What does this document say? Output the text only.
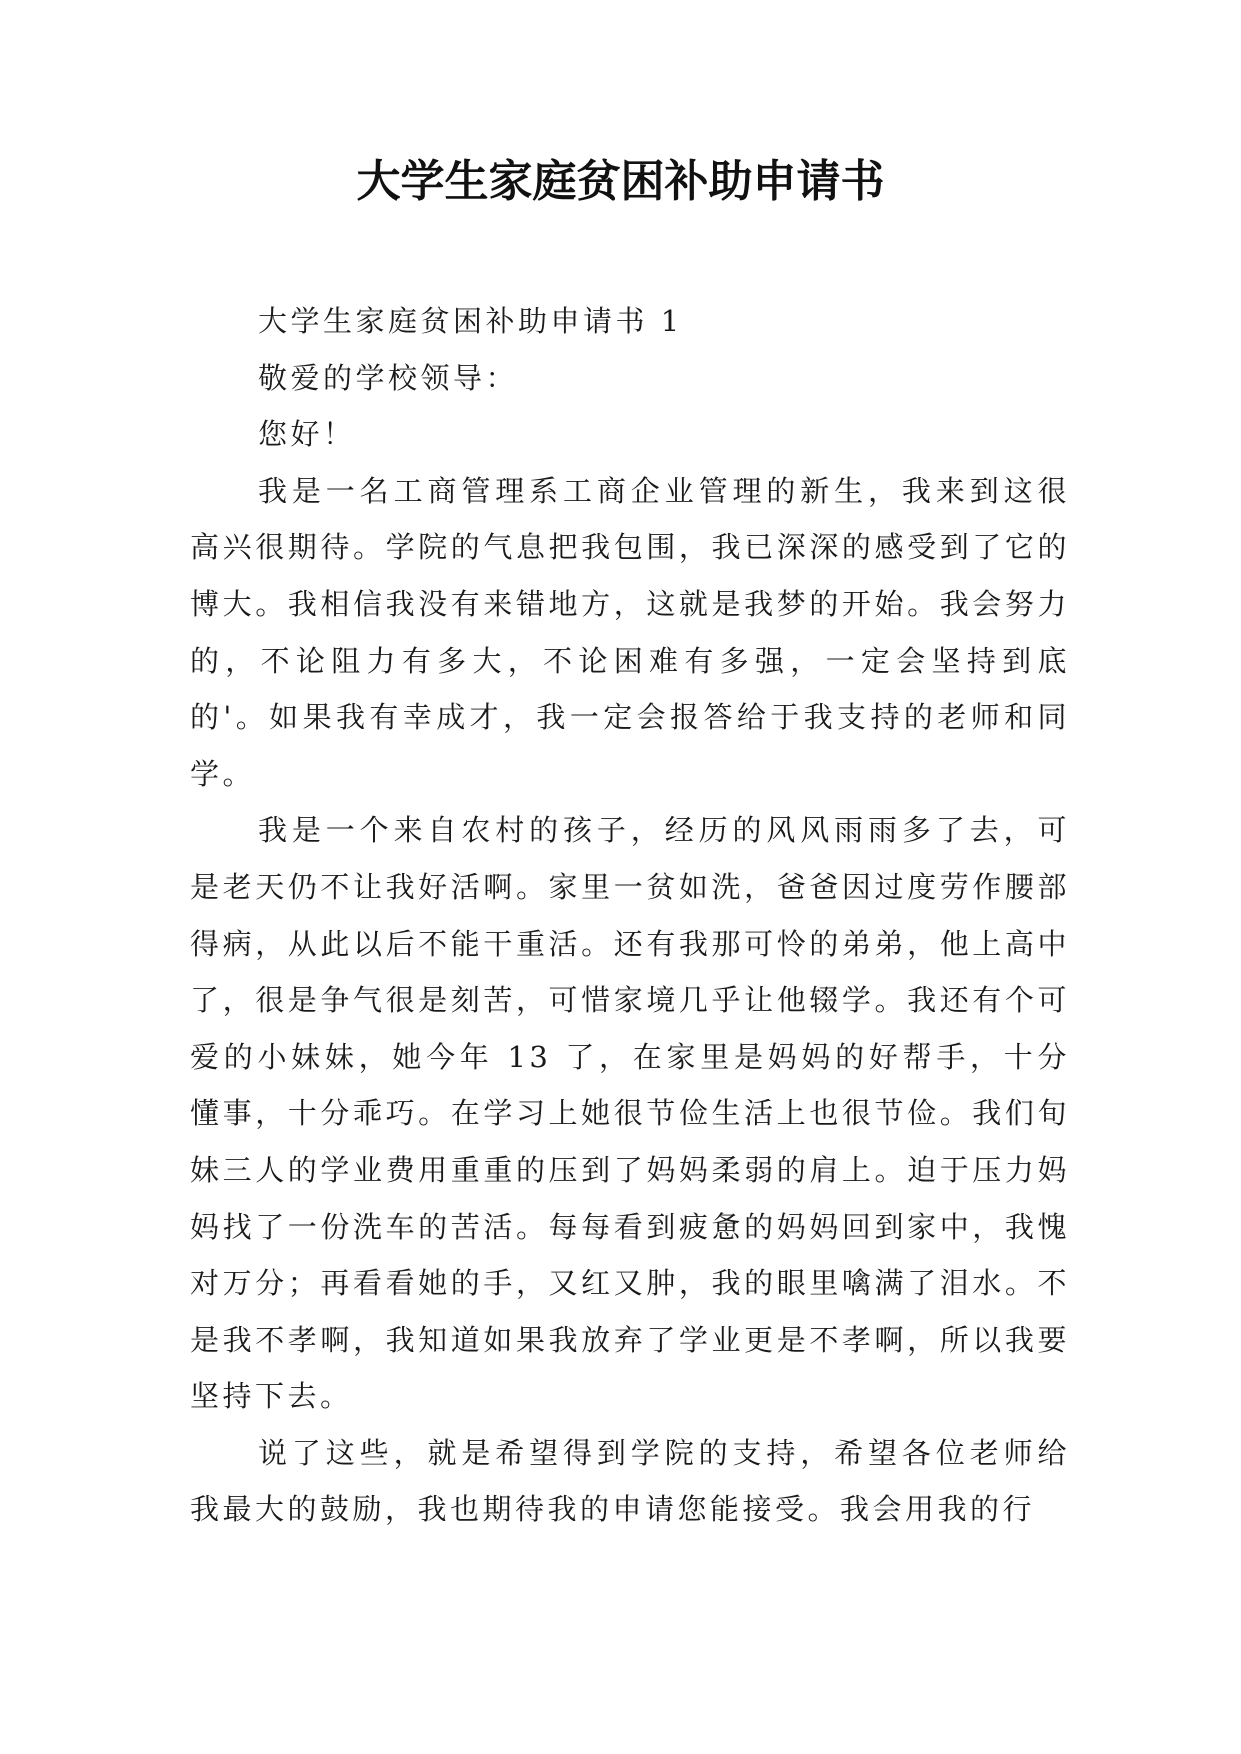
大学生家庭贫困补助申请书

大学生家庭贫困补助申请书 1

敬爱的学校领导：

您好！

我是一名工商管理系工商企业管理的新生，我来到这很高兴很期待。学院的气息把我包围，我已深深的感受到了它的博大。我相信我没有来错地方，这就是我梦的开始。我会努力的，不论阻力有多大，不论困难有多强，一定会坚持到底的'。如果我有幸成才，我一定会报答给于我支持的老师和同学。

我是一个来自农村的孩子，经历的风风雨雨多了去，可是老天仍不让我好活啊。家里一贫如洗，爸爸因过度劳作腰部得病，从此以后不能干重活。还有我那可怜的弟弟，他上高中了，很是争气很是刻苦，可惜家境几乎让他辍学。我还有个可爱的小妹妹，她今年 13 了，在家里是妈妈的好帮手，十分懂事，十分乖巧。在学习上她很节俭生活上也很节俭。我们旬妹三人的学业费用重重的压到了妈妈柔弱的肩上。迫于压力妈妈找了一份洗车的苦活。每每看到疲惫的妈妈回到家中，我愧对万分；再看看她的手，又红又肿，我的眼里噙满了泪水。不是我不孝啊，我知道如果我放弃了学业更是不孝啊，所以我要坚持下去。

说了这些，就是希望得到学院的支持，希望各位老师给我最大的鼓励，我也期待我的申请您能接受。我会用我的行
